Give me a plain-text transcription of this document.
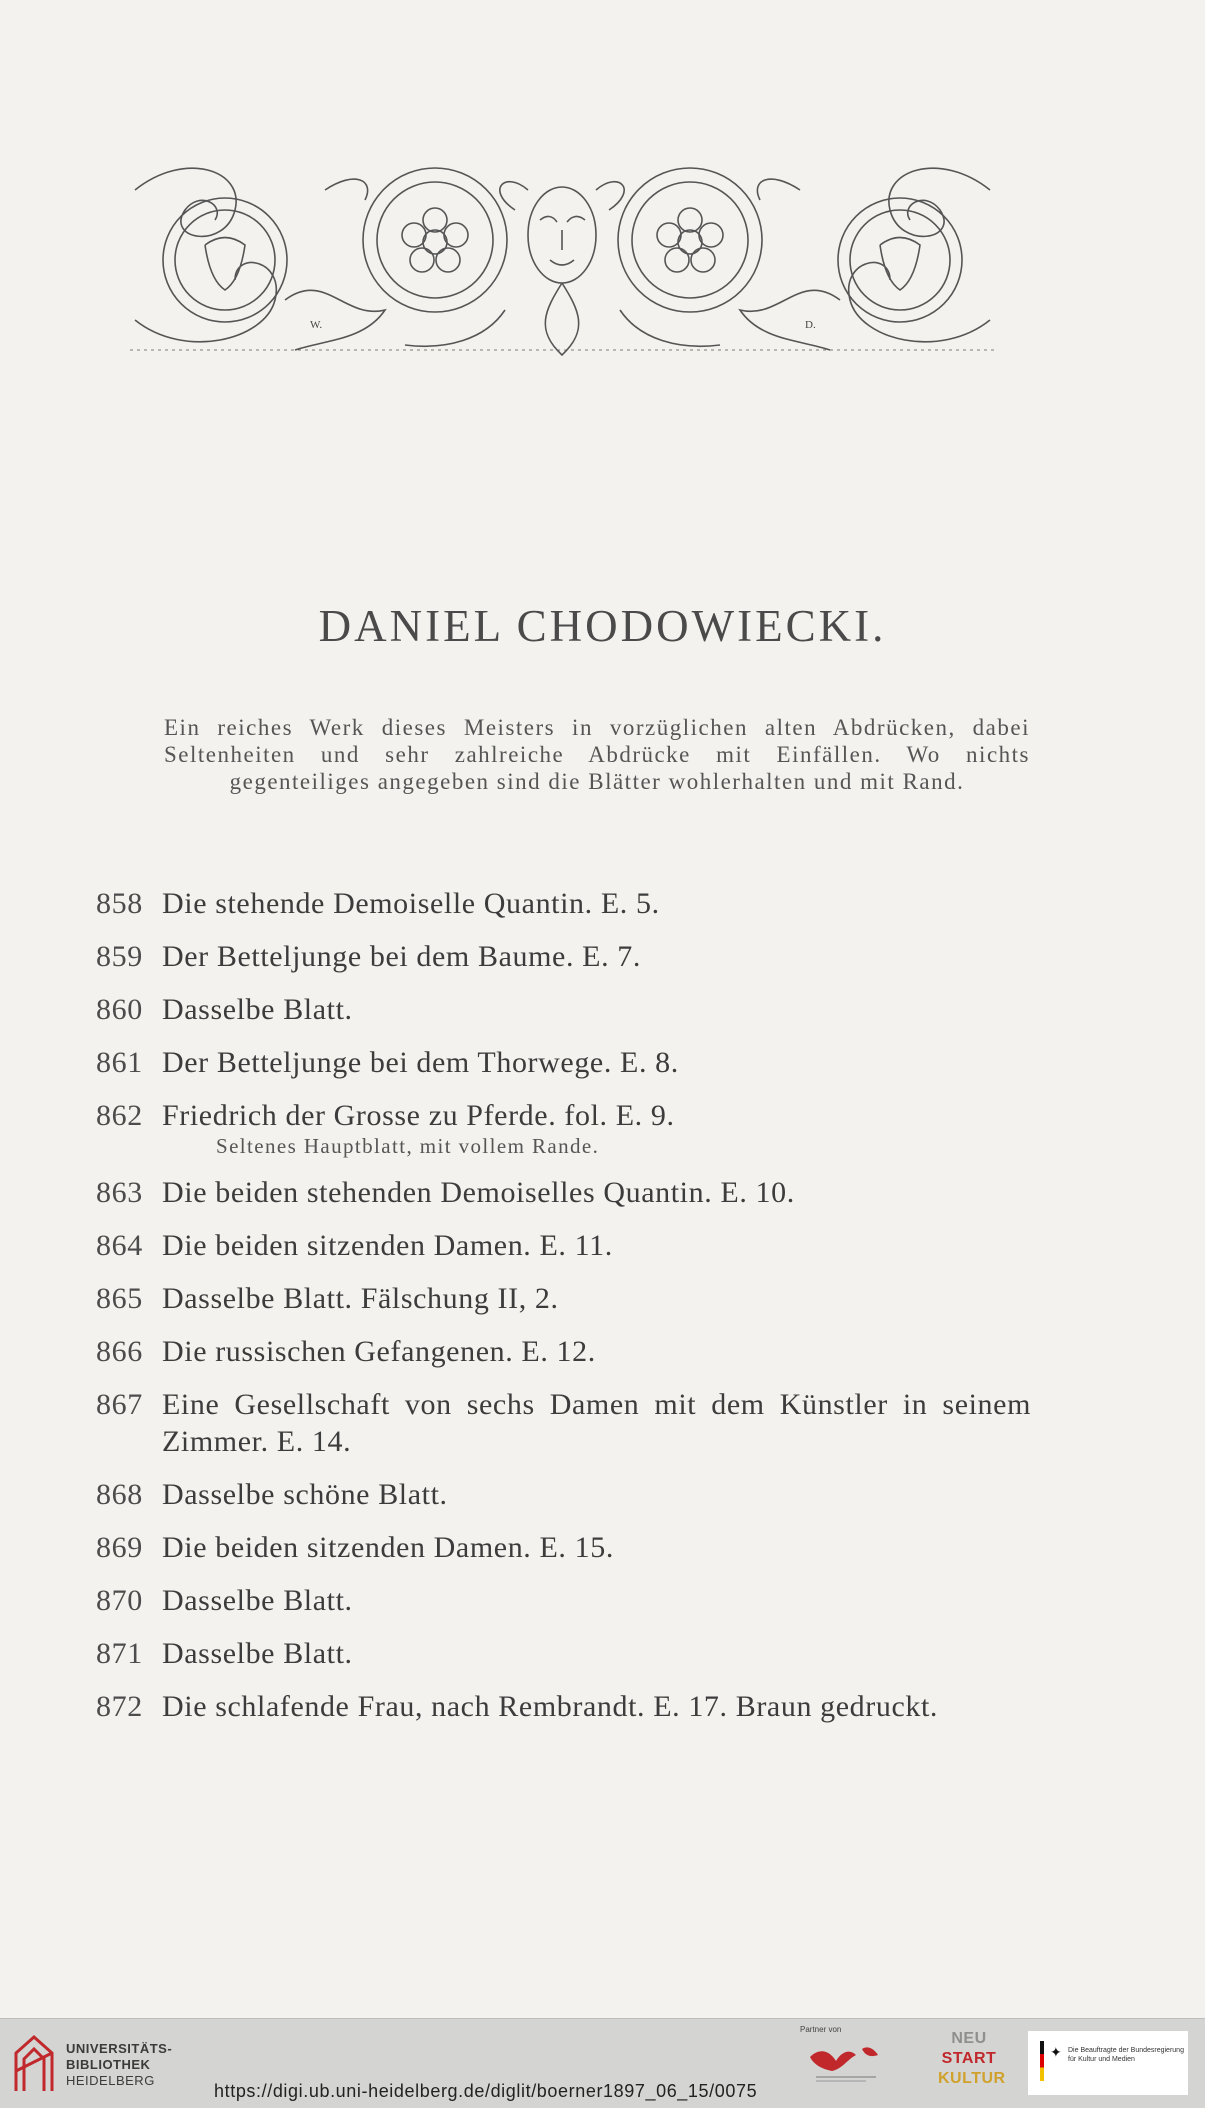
W.	D.
DANIEL CHODOWIECKI.
Ein reiches Werk dieses Meisters in vorzüglichen alten Abdrücken, dabei Seltenheiten und sehr zahlreiche Abdrücke mit Einfällen. Wo nichts gegenteiliges angegeben sind die Blätter wohlerhalten und mit Rand.
858 Die stehende Demoiselle Quantin. E. 5.
859 Der Betteljunge bei dem Baume. E. 7.
860 Dasselbe Blatt.
861 Der Betteljunge bei dem Thorwege. E. 8.
862 Friedrich der Grosse zu Pferde. fol. E. 9.
Seltenes Hauptblatt, mit vollem Rande.
863 Die beiden stehenden Demoiselles Quantin. E. 10.
864 Die beiden sitzenden Damen. E. 11.
865 Dasselbe Blatt. Fälschung II, 2.
866 Die russischen Gefangenen. E. 12.
867 Eine Gesellschaft von sechs Damen mit dem Künstler in seinem Zimmer. E. 14.
868 Dasselbe schöne Blatt.
869 Die beiden sitzenden Damen. E. 15.
870 Dasselbe Blatt.
871 Dasselbe Blatt.
872 Die schlafende Frau, nach Rembrandt. E. 17. Braun gedruckt.
UNIVERSITÄTS-
BIBLIOTHEK
HEIDELBERG
https://digi.ub.uni-heidelberg.de/diglit/boerner1897_06_15/0075
Partner von
NEU
START
KULTUR
✦ Die Beauftragte der Bundesregierung für Kultur und Medien
